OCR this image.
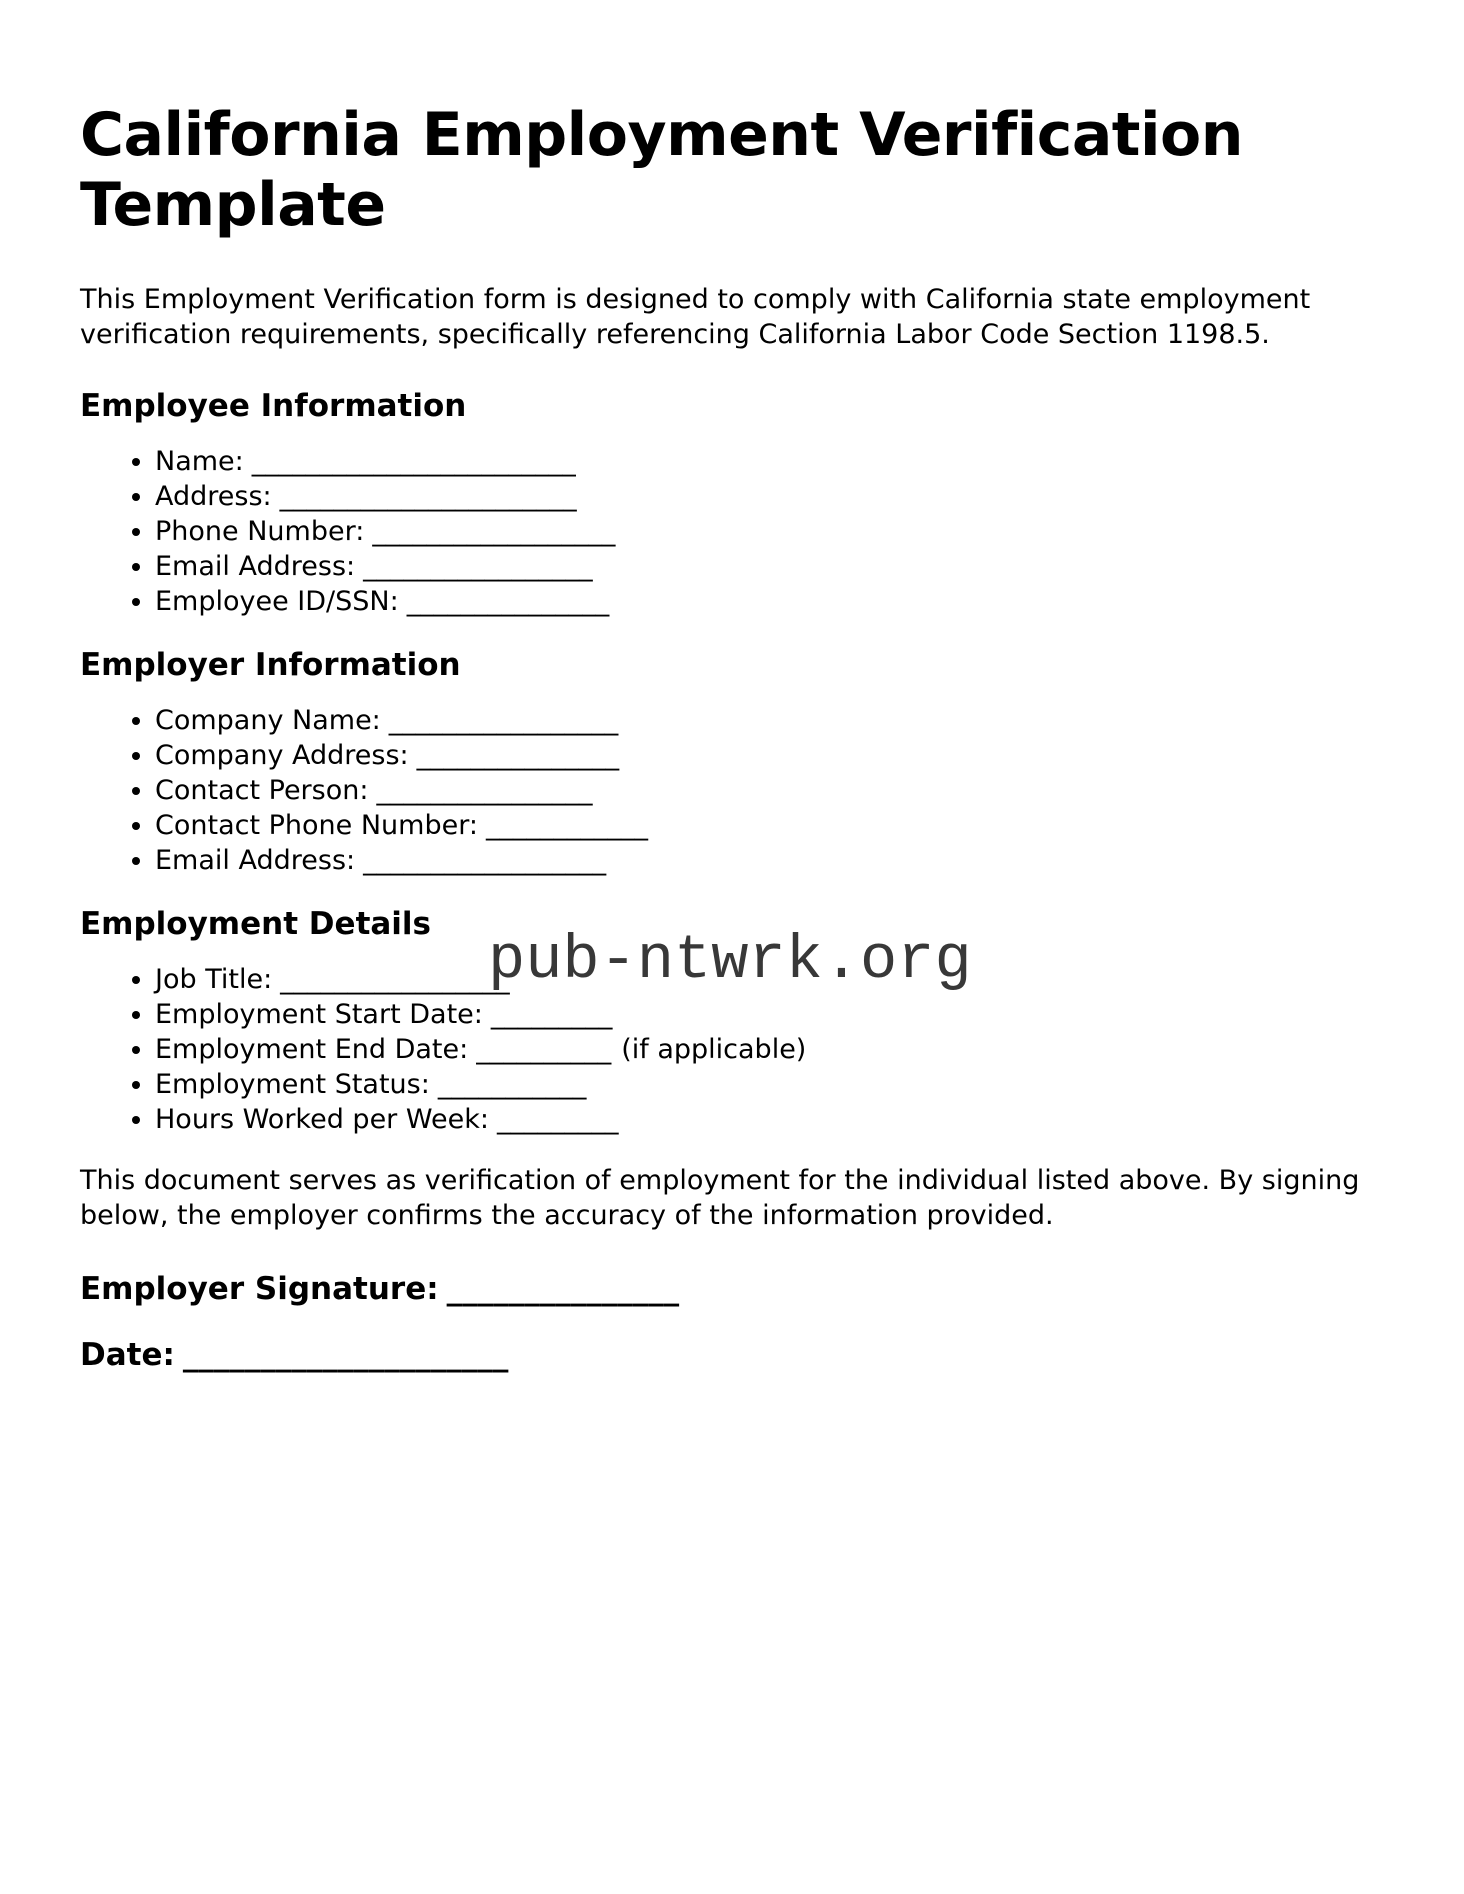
California Employment Verification Template

This Employment Verification form is designed to comply with California state employment verification requirements, specifically referencing California Labor Code Section 1198.5.

Employee Information
• Name: ________________________
• Address: ______________________
• Phone Number: __________________
• Email Address: _________________
• Employee ID/SSN: _______________
Employer Information
• Company Name: _________________
• Company Address: _______________
• Contact Person: ________________
• Contact Phone Number: ____________
• Email Address: __________________
Employment Details
• Job Title: _________________
• Employment Start Date: _________
• Employment End Date: __________ (if applicable)
• Employment Status: ___________
• Hours Worked per Week: _________

This document serves as verification of employment for the individual listed above. By signing below, the employer confirms the accuracy of the information provided.

Employer Signature: _______________

Date: _____________________

pub-ntwrk.org
